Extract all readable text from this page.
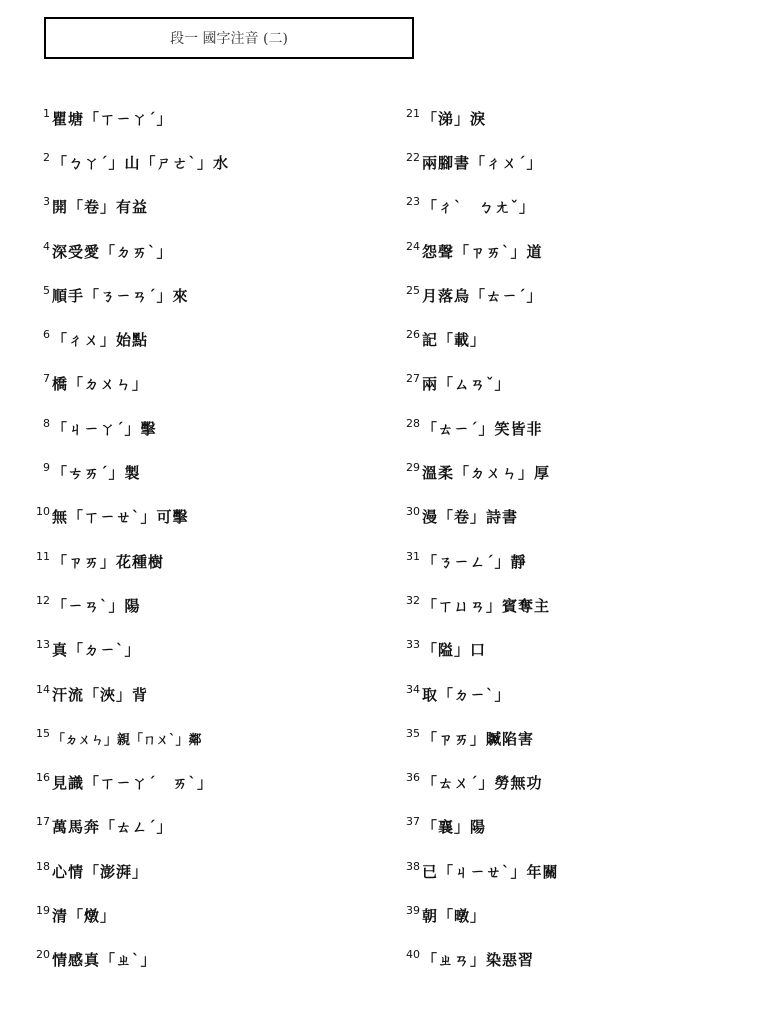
段一 國字注音 (二)
1 瞿塘「ㄒㄧㄚˊ」
2 「ㄅㄚˊ」山「ㄕㄜˋ」水
3 開「卷」有益
4 深受愛「ㄉㄞˋ」
5 順手「ㄋㄧㄢˊ」來
6 「ㄔㄨ」始點
7 橋「ㄉㄨㄣ」
8 「ㄐㄧㄚˊ」擊
9 「ㄘㄞˊ」製
10 無「ㄒㄧㄝˋ」可擊
11 「ㄗㄞ」花種樹
12 「ㄧㄢˋ」陽
13 真「ㄉㄧˋ」
14 汗流「浹」背
15 「ㄉㄨㄣ」親「ㄇㄨˋ」鄰
16 見識「ㄒㄧㄚˊ　ㄞˋ」
17 萬馬奔「ㄊㄥˊ」
18 心情「澎湃」
19 清「燉」
20 情感真「ㄓˋ」
21 「涕」淚
22 兩腳書「ㄔㄨˊ」
23 「ㄔˋ　ㄅㄤˇ」
24 怨聲「ㄗㄞˋ」道
25 月落烏「ㄊㄧˊ」
26 記「載」
27 兩「ㄙㄢˇ」
28 「ㄊㄧˊ」笑皆非
29 溫柔「ㄉㄨㄣ」厚
30 漫「卷」詩書
31 「ㄋㄧㄥˊ」靜
32 「ㄒㄩㄢ」賓奪主
33 「隘」口
34 取「ㄉㄧˋ」
35 「ㄗㄞ」贓陷害
36 「ㄊㄨˊ」勞無功
37 「襄」陽
38 已「ㄐㄧㄝˋ」年關
39 朝「暾」
40 「ㄓㄢ」染惡習
